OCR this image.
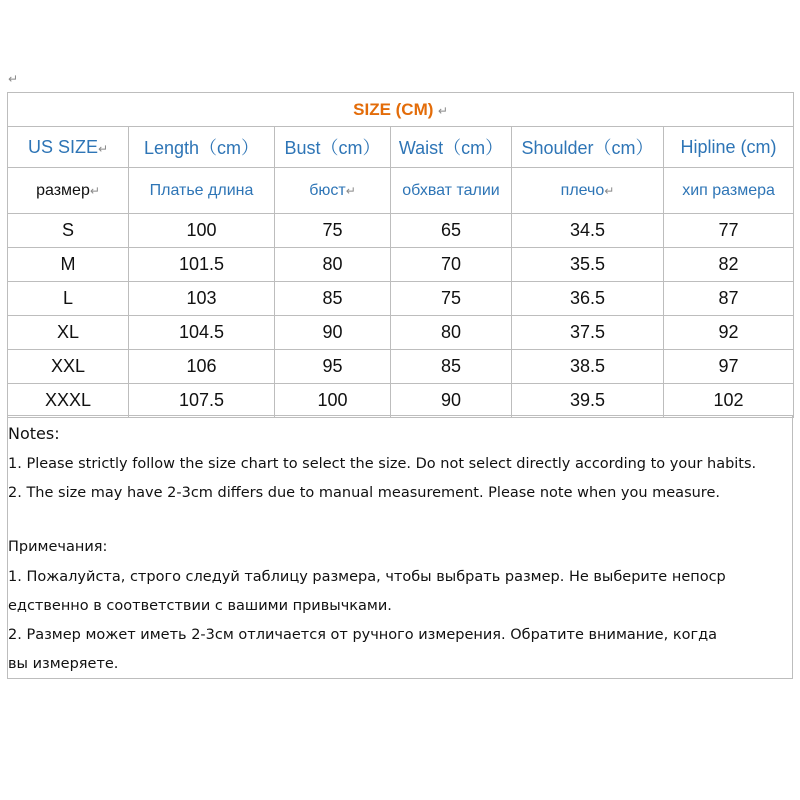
↵
SIZE (CM) ↵					
US SIZE↵	Length（cm）	Bust（cm）	Waist（cm）	Shoulder（cm）	Hipline (cm)
размер↵	Платье длина	бюст↵	обхват талии	плечо↵	хип размера
S	100	75	65	34.5	77
M	101.5	80	70	35.5	82
L	103	85	75	36.5	87
XL	104.5	90	80	37.5	92
XXL	106	95	85	38.5	97
XXXL	107.5	100	90	39.5	102
Notes:
1. Please strictly follow the size chart to select the size. Do not select directly according to your habits.
2. The size may have 2-3cm differs due to manual measurement. Please note when you measure.
Примечания:
1. Пожалуйста, строго следуй таблицу размера, чтобы выбрать размер. Не выберите непоср
едственно в соответствии с вашими привычками.
2. Размер может иметь 2-3см отличается от ручного измерения. Обратите внимание, когда
вы измеряете.
